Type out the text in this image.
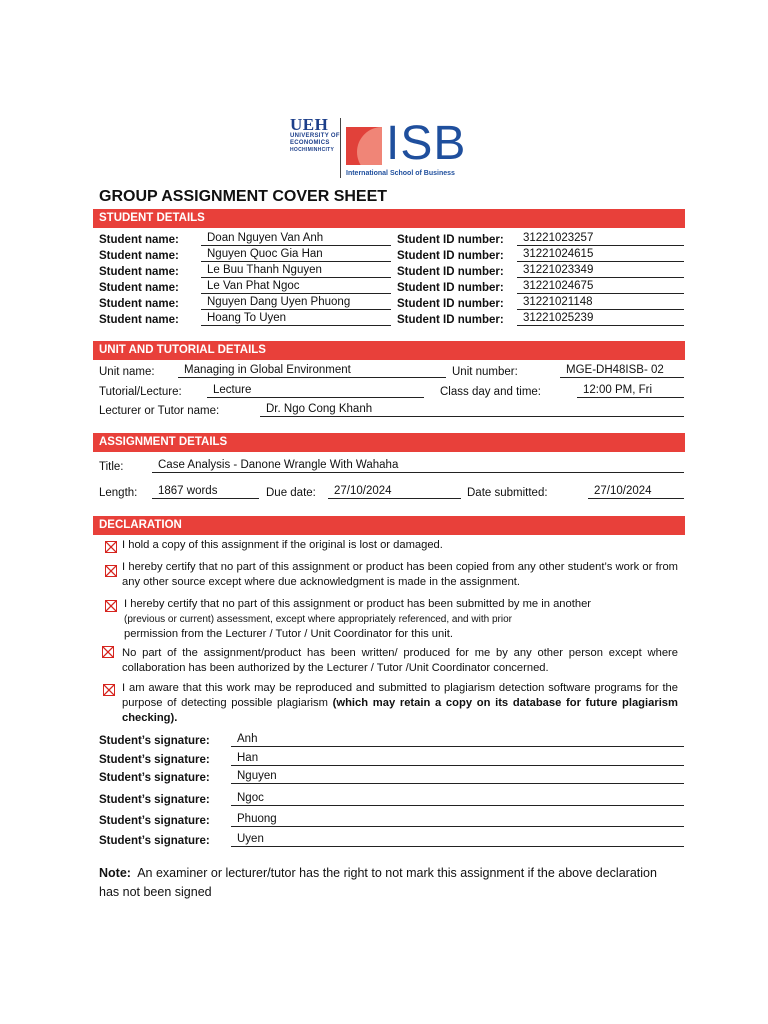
UEH
UNIVERSITY OF
ECONOMICS
HOCHIMINHCITY ISB
International School of Business
GROUP ASSIGNMENT COVER SHEET
STUDENT DETAILS
Student name:	Doan Nguyen Van Anh	Student ID number:	31221023257
Student name:	Nguyen Quoc Gia Han	Student ID number:	31221024615
Student name:	Le Buu Thanh Nguyen	Student ID number:	31221023349
Student name:	Le Van Phat Ngoc	Student ID number:	31221024675
Student name:	Nguyen Dang Uyen Phuong	Student ID number:	31221021148
Student name:	Hoang To Uyen	Student ID number:	31221025239
UNIT AND TUTORIAL DETAILS
Unit name:	Managing in Global Environment	Unit number:	MGE-DH48ISB- 02
Tutorial/Lecture:	Lecture	Class day and time:	12:00 PM, Fri
Lecturer or Tutor name:	Dr. Ngo Cong Khanh
ASSIGNMENT DETAILS
Title:	Case Analysis - Danone Wrangle With Wahaha
Length:	1867 words	Due date:	27/10/2024	Date submitted:	27/10/2024
DECLARATION
I hold a copy of this assignment if the original is lost or damaged.
I hereby certify that no part of this assignment or product has been copied from any other student’s work or from any other source except where due acknowledgment is made in the assignment.
I hereby certify that no part of this assignment or product has been submitted by me in another
(previous or current) assessment, except where appropriately referenced, and with prior
permission from the Lecturer / Tutor / Unit Coordinator for this unit.
No part of the assignment/product has been written/ produced for me by any other person except where collaboration has been authorized by the Lecturer / Tutor /Unit Coordinator concerned.
I am aware that this work may be reproduced and submitted to plagiarism detection software programs for the purpose of detecting possible plagiarism (which may retain a copy on its database for future plagiarism checking).
Student’s signature:	Anh
Student’s signature:	Han
Student’s signature:	Nguyen
Student’s signature:	Ngoc
Student’s signature:	Phuong
Student’s signature:	Uyen
Note: An examiner or lecturer/tutor has the right to not mark this assignment if the above declaration has not been signed
